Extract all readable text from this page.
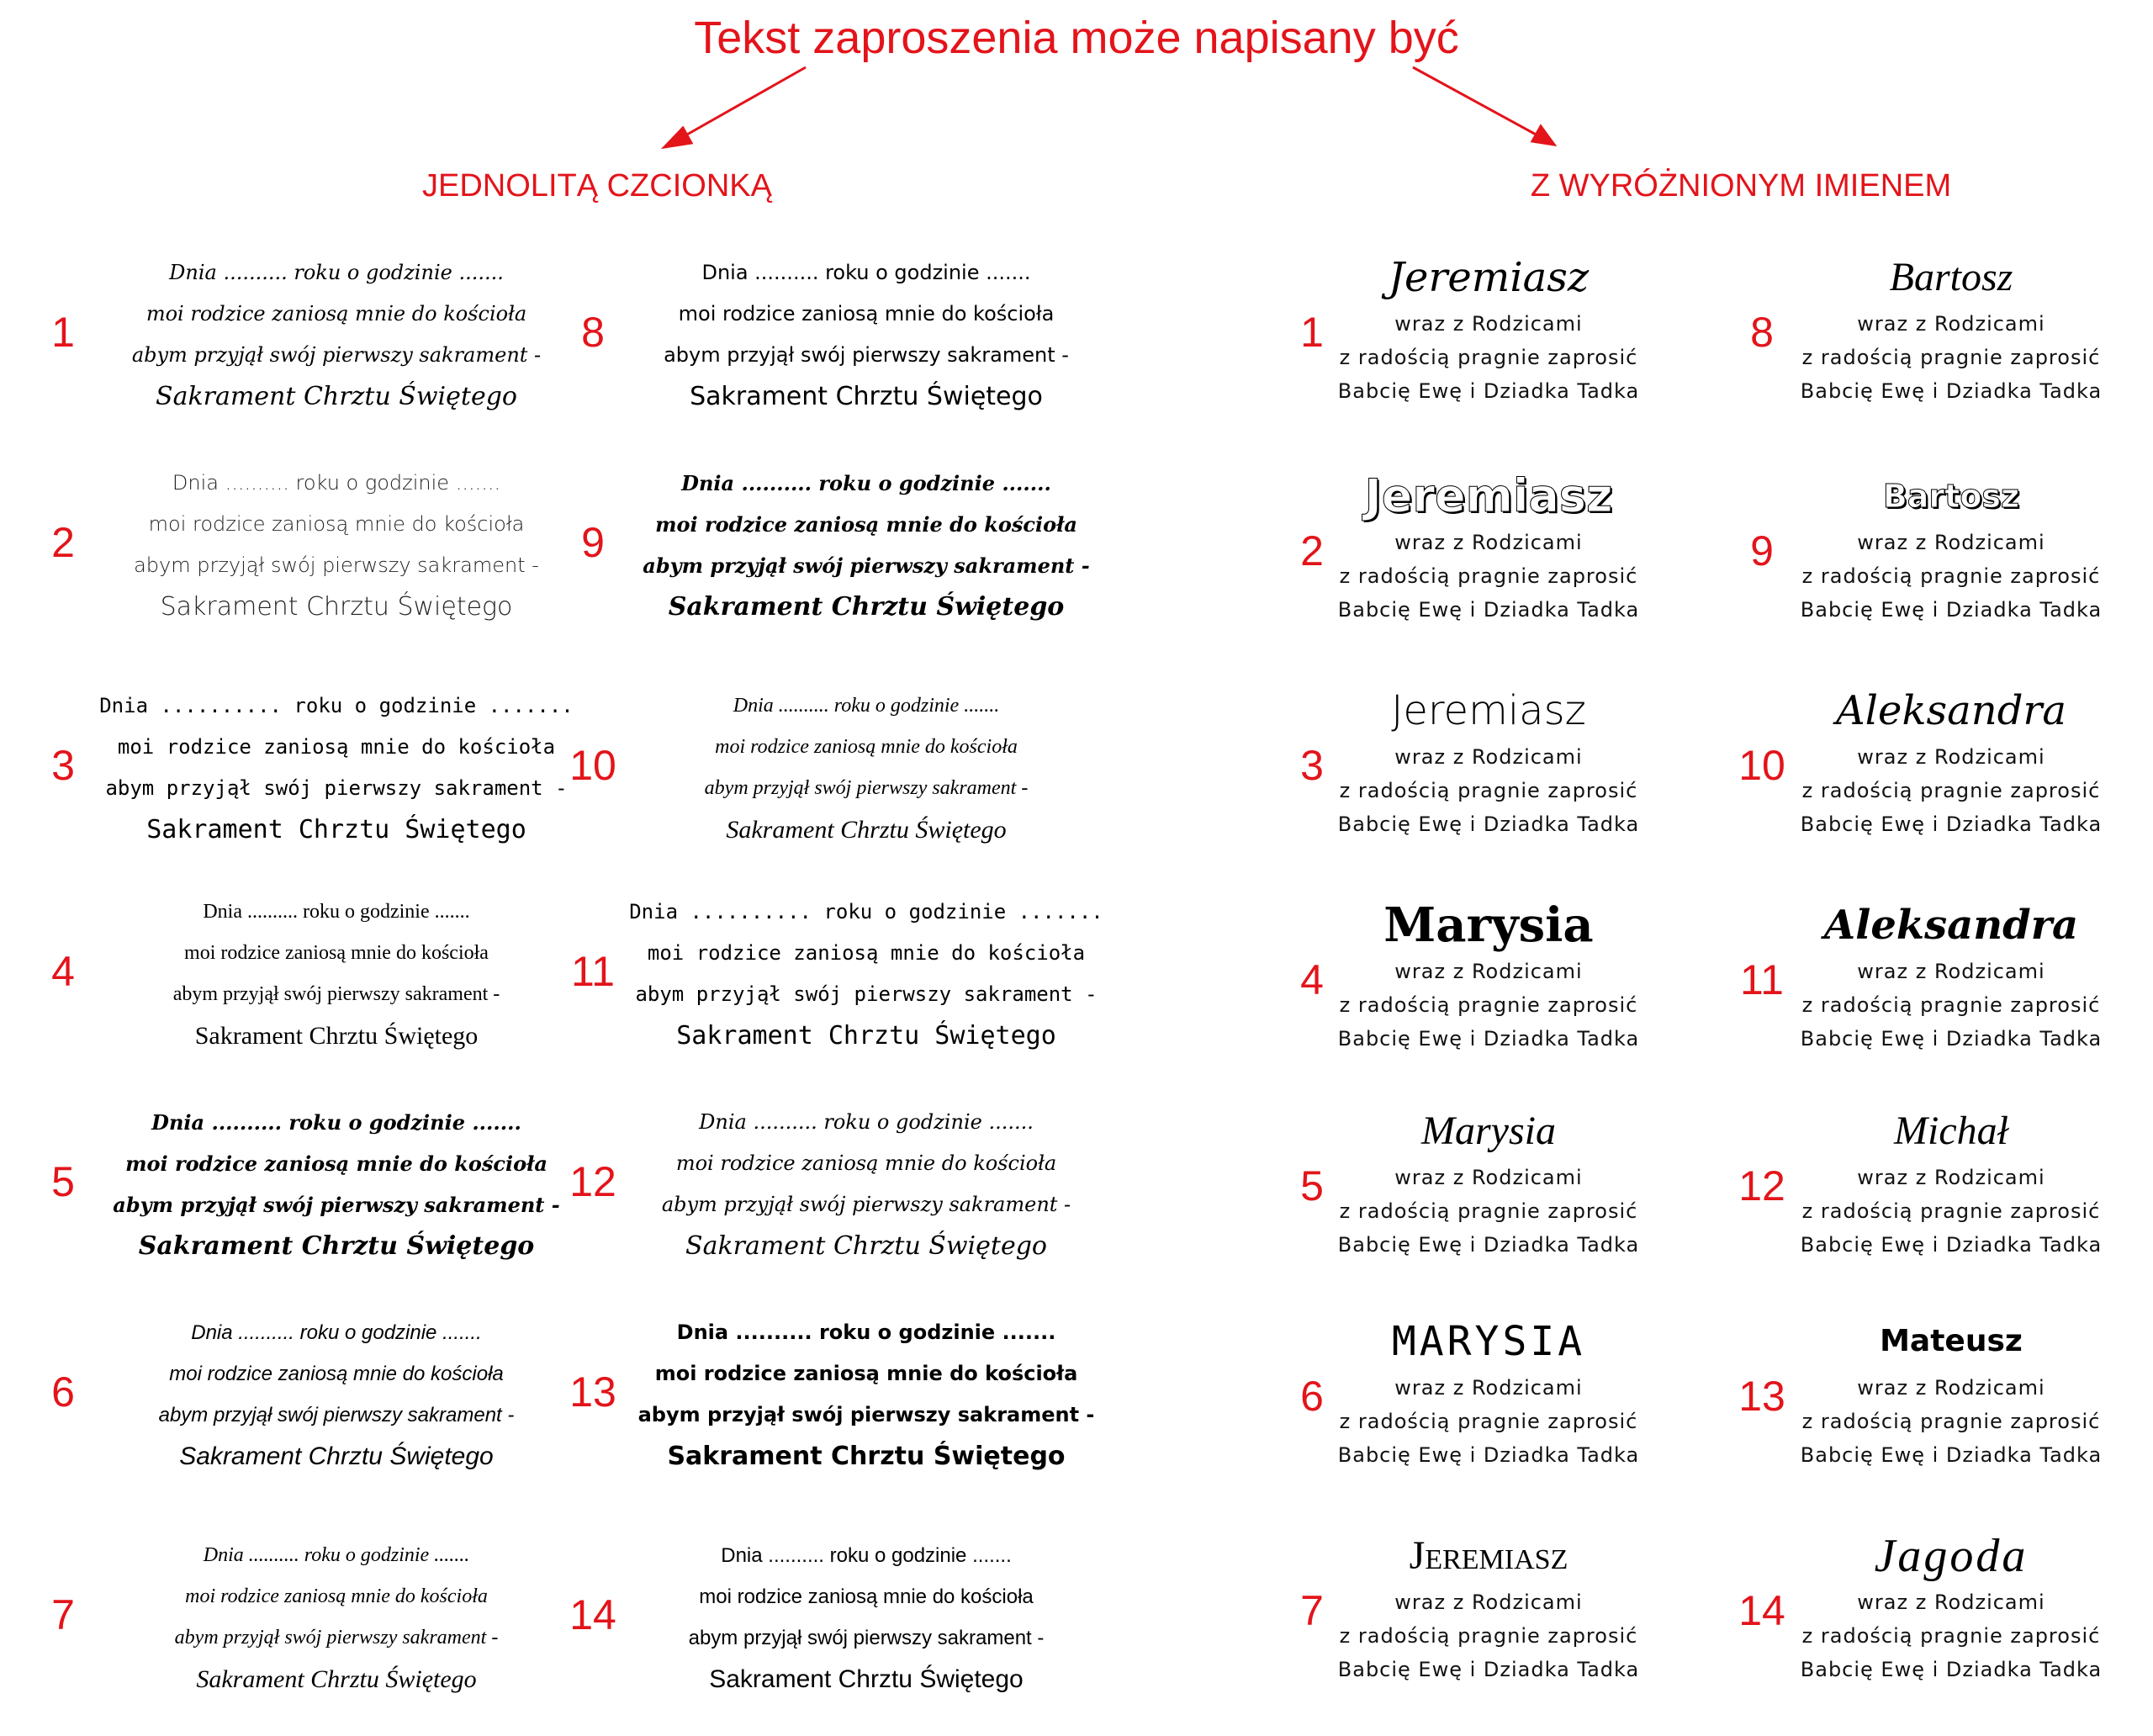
Tekst zaproszenia może napisany być
JEDNOLITĄ CZCIONKĄ	Z WYRÓŻNIONYM IMIENEM
1
Dnia .......... roku o godzinie .......
moi rodzice zaniosą mnie do kościoła
abym przyjął swój pierwszy sakrament -
Sakrament Chrztu Świętego
2
Dnia .......... roku o godzinie .......
moi rodzice zaniosą mnie do kościoła
abym przyjął swój pierwszy sakrament -
Sakrament Chrztu Świętego
3
Dnia .......... roku o godzinie .......
moi rodzice zaniosą mnie do kościoła
abym przyjął swój pierwszy sakrament -
Sakrament Chrztu Świętego
4
Dnia .......... roku o godzinie .......
moi rodzice zaniosą mnie do kościoła
abym przyjął swój pierwszy sakrament -
Sakrament Chrztu Świętego
5
Dnia .......... roku o godzinie .......
moi rodzice zaniosą mnie do kościoła
abym przyjął swój pierwszy sakrament -
Sakrament Chrztu Świętego
6
Dnia .......... roku o godzinie .......
moi rodzice zaniosą mnie do kościoła
abym przyjął swój pierwszy sakrament -
Sakrament Chrztu Świętego
7
Dnia .......... roku o godzinie .......
moi rodzice zaniosą mnie do kościoła
abym przyjął swój pierwszy sakrament -
Sakrament Chrztu Świętego
8
Dnia .......... roku o godzinie .......
moi rodzice zaniosą mnie do kościoła
abym przyjął swój pierwszy sakrament -
Sakrament Chrztu Świętego
9
Dnia .......... roku o godzinie .......
moi rodzice zaniosą mnie do kościoła
abym przyjął swój pierwszy sakrament -
Sakrament Chrztu Świętego
10
Dnia .......... roku o godzinie .......
moi rodzice zaniosą mnie do kościoła
abym przyjął swój pierwszy sakrament -
Sakrament Chrztu Świętego
11
Dnia .......... roku o godzinie .......
moi rodzice zaniosą mnie do kościoła
abym przyjął swój pierwszy sakrament -
Sakrament Chrztu Świętego
12
Dnia .......... roku o godzinie .......
moi rodzice zaniosą mnie do kościoła
abym przyjął swój pierwszy sakrament -
Sakrament Chrztu Świętego
13
Dnia .......... roku o godzinie .......
moi rodzice zaniosą mnie do kościoła
abym przyjął swój pierwszy sakrament -
Sakrament Chrztu Świętego
14
Dnia .......... roku o godzinie .......
moi rodzice zaniosą mnie do kościoła
abym przyjął swój pierwszy sakrament -
Sakrament Chrztu Świętego
1
Jeremiasz
wraz z Rodzicami
z radością pragnie zaprosić
Babcię Ewę i Dziadka Tadka
2
Jeremiasz
wraz z Rodzicami
z radością pragnie zaprosić
Babcię Ewę i Dziadka Tadka
3
Jeremiasz
wraz z Rodzicami
z radością pragnie zaprosić
Babcię Ewę i Dziadka Tadka
4
Marysia
wraz z Rodzicami
z radością pragnie zaprosić
Babcię Ewę i Dziadka Tadka
5
Marysia
wraz z Rodzicami
z radością pragnie zaprosić
Babcię Ewę i Dziadka Tadka
6
MARYSIA
wraz z Rodzicami
z radością pragnie zaprosić
Babcię Ewę i Dziadka Tadka
7
Jeremiasz
wraz z Rodzicami
z radością pragnie zaprosić
Babcię Ewę i Dziadka Tadka
8
Bartosz
wraz z Rodzicami
z radością pragnie zaprosić
Babcię Ewę i Dziadka Tadka
9
Bartosz
wraz z Rodzicami
z radością pragnie zaprosić
Babcię Ewę i Dziadka Tadka
10
Aleksandra
wraz z Rodzicami
z radością pragnie zaprosić
Babcię Ewę i Dziadka Tadka
11
Aleksandra
wraz z Rodzicami
z radością pragnie zaprosić
Babcię Ewę i Dziadka Tadka
12
Michał
wraz z Rodzicami
z radością pragnie zaprosić
Babcię Ewę i Dziadka Tadka
13
Mateusz
wraz z Rodzicami
z radością pragnie zaprosić
Babcię Ewę i Dziadka Tadka
14
Jagoda
wraz z Rodzicami
z radością pragnie zaprosić
Babcię Ewę i Dziadka Tadka
